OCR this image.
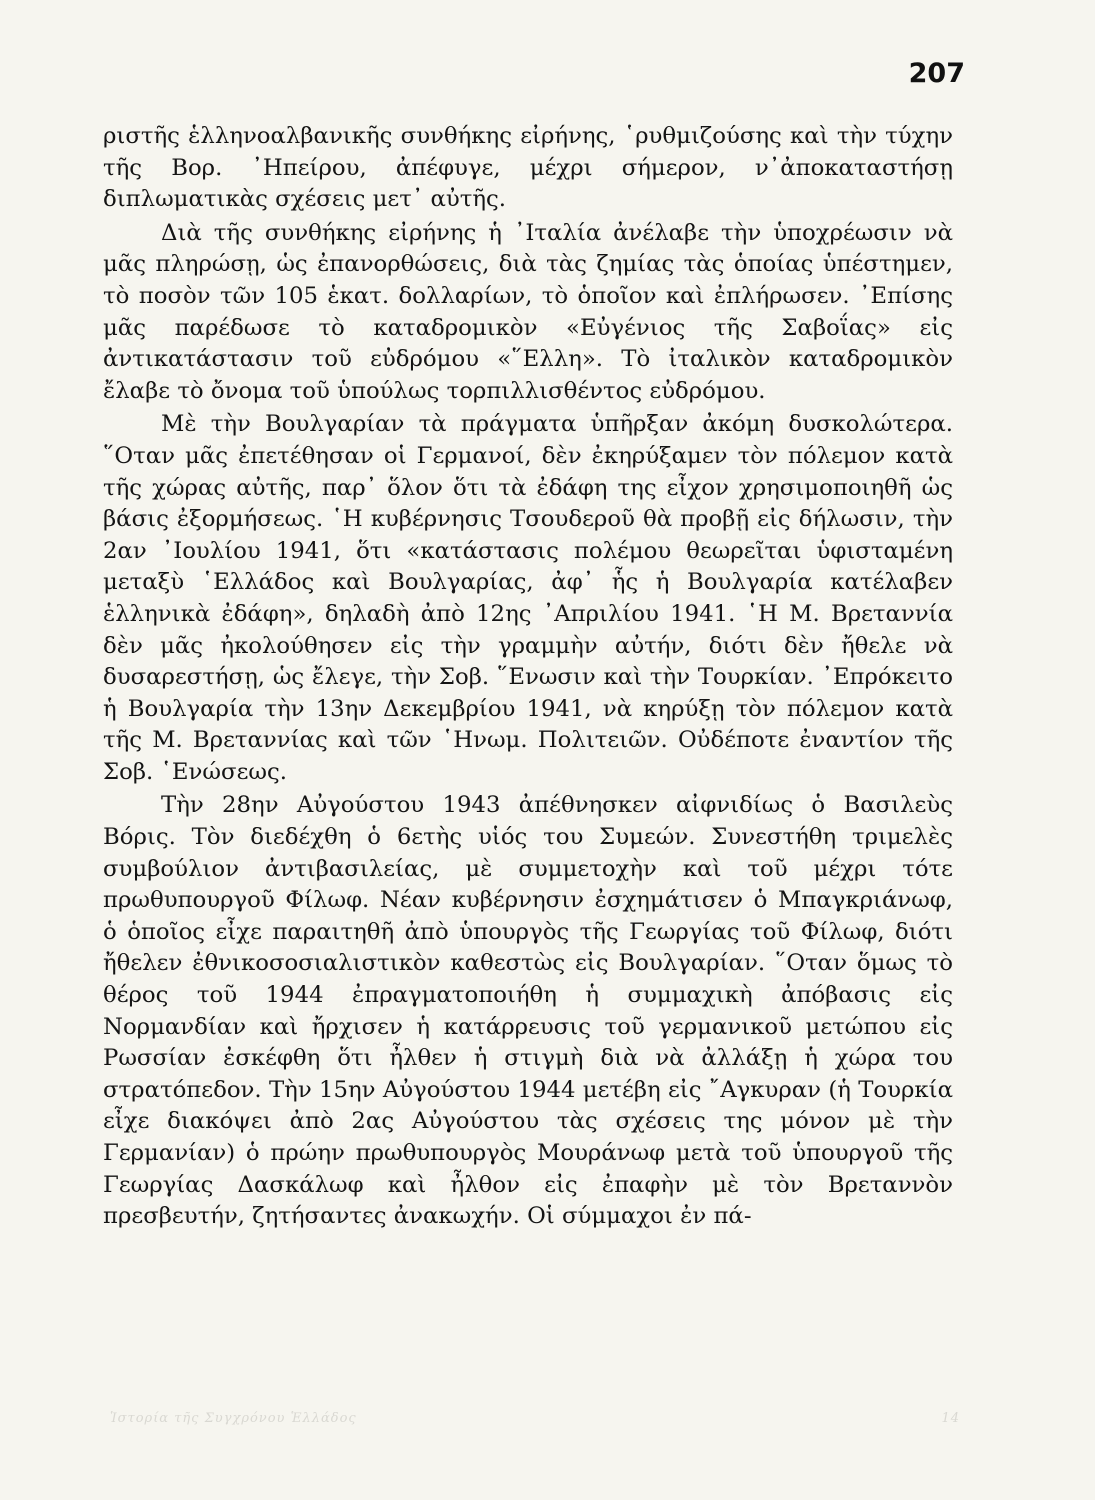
207

ριστῆς ἑλληνοαλβανικῆς συνθήκης εἰρήνης, ῾ρυθμιζούσης καὶ τὴν τύχην τῆς Βορ. ᾿Ηπείρου, ἀπέφυγε, μέχρι σήμερον, ν᾿ἀποκαταστήσῃ διπλωματικὰς σχέσεις μετ᾿ αὐτῆς.

Διὰ τῆς συνθήκης εἰρήνης ἡ ᾿Ιταλία ἀνέλαβε τὴν ὑποχρέωσιν νὰ μᾶς πληρώσῃ, ὡς ἐπανορθώσεις, διὰ τὰς ζημίας τὰς ὁποίας ὑπέστημεν, τὸ ποσὸν τῶν 105 ἑκατ. δολλαρίων, τὸ ὁποῖον καὶ ἐπλήρωσεν. ᾿Επίσης μᾶς παρέδωσε τὸ καταδρομικὸν «Εὐγένιος τῆς Σαβοΐας» εἰς ἀντικατάστασιν τοῦ εὐδρόμου «῞Ελλη». Τὸ ἰταλικὸν καταδρομικὸν ἔλαβε τὸ ὄνομα τοῦ ὑπούλως τορπιλλισθέντος εὐδρόμου.

Μὲ τὴν Βουλγαρίαν τὰ πράγματα ὑπῆρξαν ἀκόμη δυσκολώτερα. ῞Οταν μᾶς ἐπετέθησαν οἱ Γερμανοί, δὲν ἐκηρύξαμεν τὸν πόλεμον κατὰ τῆς χώρας αὐτῆς, παρ᾿ ὅλον ὅτι τὰ ἐδάφη της εἶχον χρησιμοποιηθῆ ὡς βάσις ἐξορμήσεως. ῾Η κυβέρνησις Τσουδεροῦ θὰ προβῇ εἰς δήλωσιν, τὴν 2αν ᾿Ιουλίου 1941, ὅτι «κατάστασις πολέμου θεωρεῖται ὑφισταμένη μεταξὺ ῾Ελλάδος καὶ Βουλγαρίας, ἀφ᾿ ἧς ἡ Βουλγαρία κατέλαβεν ἑλληνικὰ ἐδάφη», δηλαδὴ ἀπὸ 12ης ᾿Απριλίου 1941. ῾Η Μ. Βρεταννία δὲν μᾶς ἠκολούθησεν εἰς τὴν γραμμὴν αὐτήν, διότι δὲν ἤθελε νὰ δυσαρεστήσῃ, ὡς ἔλεγε, τὴν Σοβ. ῞Ενωσιν καὶ τὴν Τουρκίαν. ᾿Επρόκειτο ἡ Βουλγαρία τὴν 13ην Δεκεμβρίου 1941, νὰ κηρύξῃ τὸν πόλεμον κατὰ τῆς Μ. Βρεταννίας καὶ τῶν ῾Ηνωμ. Πολιτειῶν. Οὐδέποτε ἐναντίον τῆς Σοβ. ῾Ενώσεως.

Τὴν 28ην Αὐγούστου 1943 ἀπέθνησκεν αἰφνιδίως ὁ Βασιλεὺς Βόρις. Τὸν διεδέχθη ὁ 6ετὴς υἱός του Συμεών. Συνεστήθη τριμελὲς συμβούλιον ἀντιβασιλείας, μὲ συμμετοχὴν καὶ τοῦ μέχρι τότε πρωθυπουργοῦ Φίλωφ. Νέαν κυβέρνησιν ἐσχημάτισεν ὁ Μπαγκριάνωφ, ὁ ὁποῖος εἶχε παραιτηθῆ ἀπὸ ὑπουργὸς τῆς Γεωργίας τοῦ Φίλωφ, διότι ἤθελεν ἐθνικοσοσιαλιστικὸν καθεστὼς εἰς Βουλγαρίαν. ῞Οταν ὅμως τὸ θέρος τοῦ 1944 ἐπραγματοποιήθη ἡ συμμαχικὴ ἀπόβασις εἰς Νορμανδίαν καὶ ἤρχισεν ἡ κατάρρευσις τοῦ γερμανικοῦ μετώπου εἰς Ρωσσίαν ἐσκέφθη ὅτι ἦλθεν ἡ στιγμὴ διὰ νὰ ἀλλάξῃ ἡ χώρα του στρατόπεδον. Τὴν 15ην Αὐγούστου 1944 μετέβη εἰς ῎Αγκυραν (ἡ Τουρκία εἶχε διακόψει ἀπὸ 2ας Αὐγούστου τὰς σχέσεις της μόνον μὲ τὴν Γερμανίαν) ὁ πρώην πρωθυπουργὸς Μουράνωφ μετὰ τοῦ ὑπουργοῦ τῆς Γεωργίας Δασκάλωφ καὶ ἦλθον εἰς ἐπαφὴν μὲ τὸν Βρεταννὸν πρεσβευτήν, ζητήσαντες ἀνακωχήν. Οἱ σύμμαχοι ἐν πά-

Ἱστορία τῆς Συγχρόνου Ἑλλάδος	14
